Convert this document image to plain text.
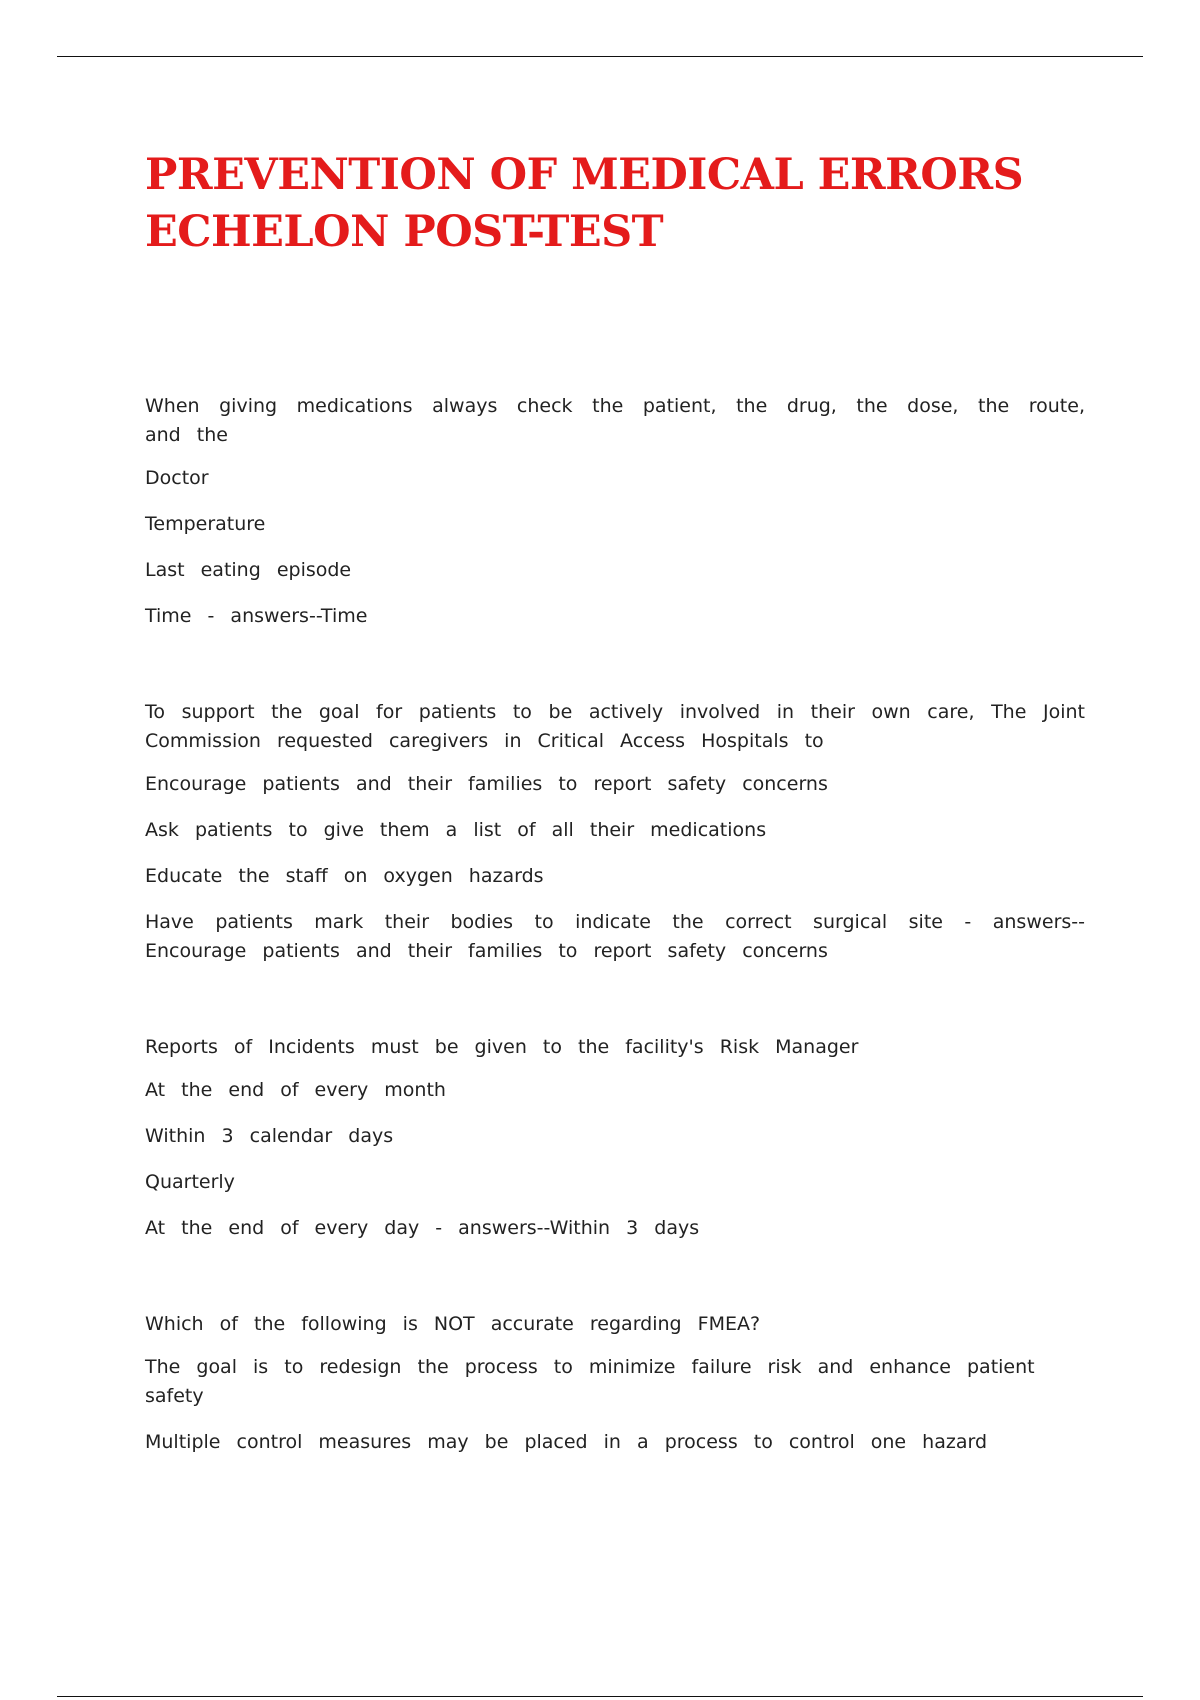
PREVENTION OF MEDICAL ERRORS
ECHELON POST-TEST

When giving medications always check the patient, the drug, the dose, the route, and the

Doctor

Temperature

Last eating episode

Time - answers--Time

To support the goal for patients to be actively involved in their own care, The Joint Commission requested caregivers in Critical Access Hospitals to

Encourage patients and their families to report safety concerns

Ask patients to give them a list of all their medications

Educate the staff on oxygen hazards

Have patients mark their bodies to indicate the correct surgical site - answers--Encourage patients and their families to report safety concerns

Reports of Incidents must be given to the facility's Risk Manager

At the end of every month

Within 3 calendar days

Quarterly

At the end of every day - answers--Within 3 days

Which of the following is NOT accurate regarding FMEA?

The goal is to redesign the process to minimize failure risk and enhance patient safety

Multiple control measures may be placed in a process to control one hazard
